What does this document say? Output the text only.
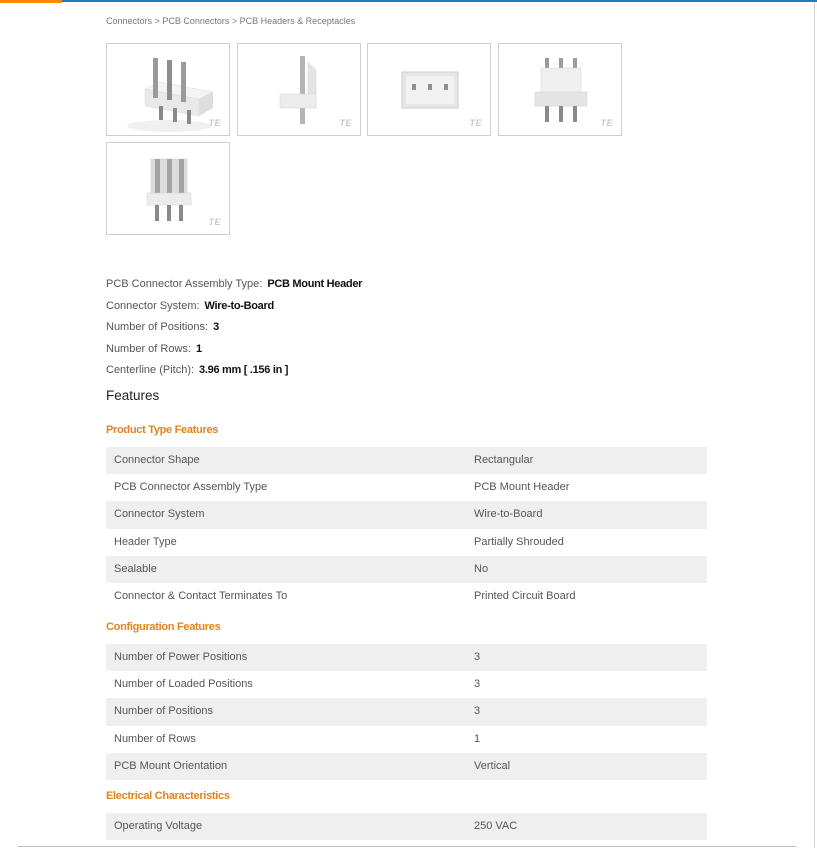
Connectors > PCB Connectors > PCB Headers & Receptacles
TE	TE	TE	TE
TE
PCB Connector Assembly Type: PCB Mount Header
Connector System: Wire-to-Board
Number of Positions: 3
Number of Rows: 1
Centerline (Pitch): 3.96 mm [ .156 in ]
Features
Product Type Features
Connector Shape	Rectangular
PCB Connector Assembly Type	PCB Mount Header
Connector System	Wire-to-Board
Header Type	Partially Shrouded
Sealable	No
Connector & Contact Terminates To	Printed Circuit Board
Configuration Features
Number of Power Positions	3
Number of Loaded Positions	3
Number of Positions	3
Number of Rows	1
PCB Mount Orientation	Vertical
Electrical Characteristics
Operating Voltage	250 VAC
